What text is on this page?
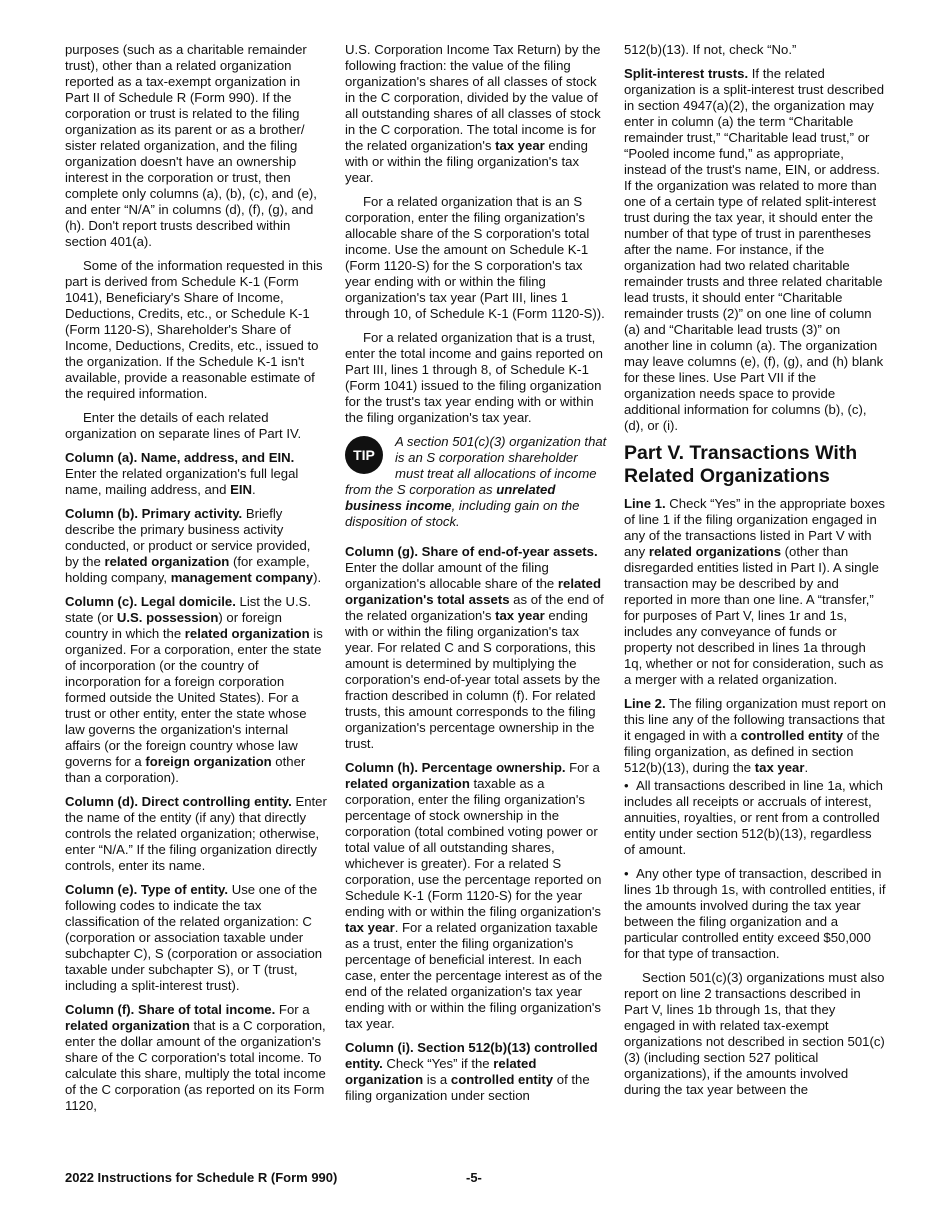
purposes (such as a charitable remainder trust), other than a related organization reported as a tax-exempt organization in Part II of Schedule R (Form 990). If the corporation or trust is related to the filing organization as its parent or as a brother/ sister related organization, and the filing organization doesn't have an ownership interest in the corporation or trust, then complete only columns (a), (b), (c), and (e), and enter “N/A” in columns (d), (f), (g), and (h). Don't report trusts described within section 401(a).

Some of the information requested in this part is derived from Schedule K-1 (Form 1041), Beneficiary's Share of Income, Deductions, Credits, etc., or Schedule K-1 (Form 1120-S), Shareholder's Share of Income, Deductions, Credits, etc., issued to the organization. If the Schedule K-1 isn't available, provide a reasonable estimate of the required information.

Enter the details of each related organization on separate lines of Part IV.

Column (a). Name, address, and EIN. Enter the related organization's full legal name, mailing address, and EIN.

Column (b). Primary activity. Briefly describe the primary business activity conducted, or product or service provided, by the related organization (for example, holding company, management company).

Column (c). Legal domicile. List the U.S. state (or U.S. possession) or foreign country in which the related organization is organized. For a corporation, enter the state of incorporation (or the country of incorporation for a foreign corporation formed outside the United States). For a trust or other entity, enter the state whose law governs the organization's internal affairs (or the foreign country whose law governs for a foreign organization other than a corporation).

Column (d). Direct controlling entity. Enter the name of the entity (if any) that directly controls the related organization; otherwise, enter “N/A.” If the filing organization directly controls, enter its name.

Column (e). Type of entity. Use one of the following codes to indicate the tax classification of the related organization: C (corporation or association taxable under subchapter C), S (corporation or association taxable under subchapter S), or T (trust, including a split-interest trust).

Column (f). Share of total income. For a related organization that is a C corporation, enter the dollar amount of the organization's share of the C corporation's total income. To calculate this share, multiply the total income of the C corporation (as reported on its Form 1120,

U.S. Corporation Income Tax Return) by the following fraction: the value of the filing organization's shares of all classes of stock in the C corporation, divided by the value of all outstanding shares of all classes of stock in the C corporation. The total income is for the related organization's tax year ending with or within the filing organization's tax year.

For a related organization that is an S corporation, enter the filing organization's allocable share of the S corporation's total income. Use the amount on Schedule K-1 (Form 1120-S) for the S corporation's tax year ending with or within the filing organization's tax year (Part III, lines 1 through 10, of Schedule K-1 (Form 1120-S)).

For a related organization that is a trust, enter the total income and gains reported on Part III, lines 1 through 8, of Schedule K-1 (Form 1041) issued to the filing organization for the trust's tax year ending with or within the filing organization's tax year.

TIP
A section 501(c)(3) organization that is an S corporation shareholder must treat all allocations of income from the S corporation as unrelated business income, including gain on the disposition of stock.

Column (g). Share of end-of-year assets. Enter the dollar amount of the filing organization's allocable share of the related organization's total assets as of the end of the related organization's tax year ending with or within the filing organization's tax year. For related C and S corporations, this amount is determined by multiplying the corporation's end-of-year total assets by the fraction described in column (f). For related trusts, this amount corresponds to the filing organization's percentage ownership in the trust.

Column (h). Percentage ownership. For a related organization taxable as a corporation, enter the filing organization's percentage of stock ownership in the corporation (total combined voting power or total value of all outstanding shares, whichever is greater). For a related S corporation, use the percentage reported on Schedule K-1 (Form 1120-S) for the year ending with or within the filing organization's tax year. For a related organization taxable as a trust, enter the filing organization's percentage of beneficial interest. In each case, enter the percentage interest as of the end of the related organization's tax year ending with or within the filing organization's tax year.

Column (i). Section 512(b)(13) controlled entity. Check “Yes” if the related organization is a controlled entity of the filing organization under section

512(b)(13). If not, check “No.”

Split-interest trusts. If the related organization is a split-interest trust described in section 4947(a)(2), the organization may enter in column (a) the term “Charitable remainder trust,” “Charitable lead trust,” or “Pooled income fund,” as appropriate, instead of the trust's name, EIN, or address. If the organization was related to more than one of a certain type of related split-interest trust during the tax year, it should enter the number of that type of trust in parentheses after the name. For instance, if the organization had two related charitable remainder trusts and three related charitable lead trusts, it should enter “Charitable remainder trusts (2)” on one line of column (a) and “Charitable lead trusts (3)” on another line in column (a). The organization may leave columns (e), (f), (g), and (h) blank for these lines. Use Part VII if the organization needs space to provide additional information for columns (b), (c), (d), or (i).

Part V. Transactions With Related Organizations

Line 1. Check “Yes” in the appropriate boxes of line 1 if the filing organization engaged in any of the transactions listed in Part V with any related organizations (other than disregarded entities listed in Part I). A single transaction may be described by and reported in more than one line. A “transfer,” for purposes of Part V, lines 1r and 1s, includes any conveyance of funds or property not described in lines 1a through 1q, whether or not for consideration, such as a merger with a related organization.

Line 2. The filing organization must report on this line any of the following transactions that it engaged in with a controlled entity of the filing organization, as defined in section 512(b)(13), during the tax year.

• All transactions described in line 1a, which includes all receipts or accruals of interest, annuities, royalties, or rent from a controlled entity under section 512(b)(13), regardless of amount.

• Any other type of transaction, described in lines 1b through 1s, with controlled entities, if the amounts involved during the tax year between the filing organization and a particular controlled entity exceed $50,000 for that type of transaction.

Section 501(c)(3) organizations must also report on line 2 transactions described in Part V, lines 1b through 1s, that they engaged in with related tax-exempt organizations not described in section 501(c)(3) (including section 527 political organizations), if the amounts involved during the tax year between the

2022 Instructions for Schedule R (Form 990)	-5-
